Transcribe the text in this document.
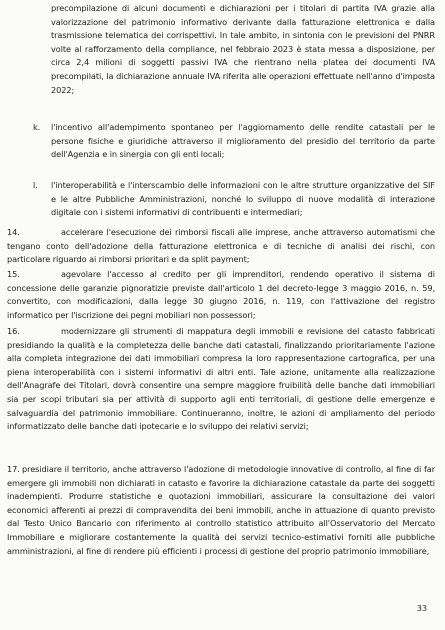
precompilazione di alcuni documenti e dichiarazioni per i titolari di partita IVA grazie alla valorizzazione del patrimonio informativo derivante dalla fatturazione elettronica e dalla trasmissione telematica dei corrispettivi. In tale ambito, in sintonia con le previsioni del PNRR volte al rafforzamento della compliance, nel febbraio 2023 è stata messa a disposizione, per circa 2,4 milioni di soggetti passivi IVA che rientrano nella platea dei documenti IVA precompilati, la dichiarazione annuale IVA riferita alle operazioni effettuate nell'anno d'imposta 2022;

k. l'incentivo all'adempimento spontaneo per l'aggiornamento delle rendite catastali per le persone fisiche e giuridiche attraverso il miglioramento del presidio del territorio da parte dell'Agenzia e in sinergia con gli enti locali;

l. l'interoperabilità e l'interscambio delle informazioni con le altre strutture organizzative del SIF e le altre Pubbliche Amministrazioni, nonché lo sviluppo di nuove modalità di interazione digitale con i sistemi informativi di contribuenti e intermediari;

14.	accelerare l'esecuzione dei rimborsi fiscali alle imprese, anche attraverso automatismi che tengano conto dell'adozione della fatturazione elettronica e di tecniche di analisi dei rischi, con particolare riguardo ai rimborsi prioritari e da split payment;

15.	agevolare l'accesso al credito per gli imprenditori, rendendo operativo il sistema di concessione delle garanzie pignoratizie previste dall'articolo 1 del decreto-legge 3 maggio 2016, n. 59, convertito, con modificazioni, dalla legge 30 giugno 2016, n. 119, con l'attivazione del registro informatico per l'iscrizione dei pegni mobiliari non possessori;

16.	modernizzare gli strumenti di mappatura degli immobili e revisione del catasto fabbricati presidiando la qualità e la completezza delle banche dati catastali, finalizzando prioritariamente l'azione alla completa integrazione dei dati immobiliari compresa la loro rappresentazione cartografica, per una piena interoperabilità con i sistemi informativi di altri enti. Tale azione, unitamente alla realizzazione dell'Anagrafe dei Titolari, dovrà consentire una sempre maggiore fruibilità delle banche dati immobiliari sia per scopi tributari sia per attività di supporto agli enti territoriali, di gestione delle emergenze e salvaguardia del patrimonio immobiliare. Continueranno, inoltre, le azioni di ampliamento del periodo informatizzato delle banche dati ipotecarie e lo sviluppo dei relativi servizi;

17. presidiare il territorio, anche attraverso l'adozione di metodologie innovative di controllo, al fine di far emergere gli immobili non dichiarati in catasto e favorire la dichiarazione catastale da parte dei soggetti inadempienti. Produrre statistiche e quotazioni immobiliari, assicurare la consultazione dei valori economici afferenti ai prezzi di compravendita dei beni immobili, anche in attuazione di quanto previsto dal Testo Unico Bancario con riferimento al controllo statistico attribuito all'Osservatorio del Mercato Immobiliare e migliorare costantemente la qualità dei servizi tecnico-estimativi forniti alle pubbliche amministrazioni, al fine di rendere più efficienti i processi di gestione del proprio patrimonio immobiliare,

33
